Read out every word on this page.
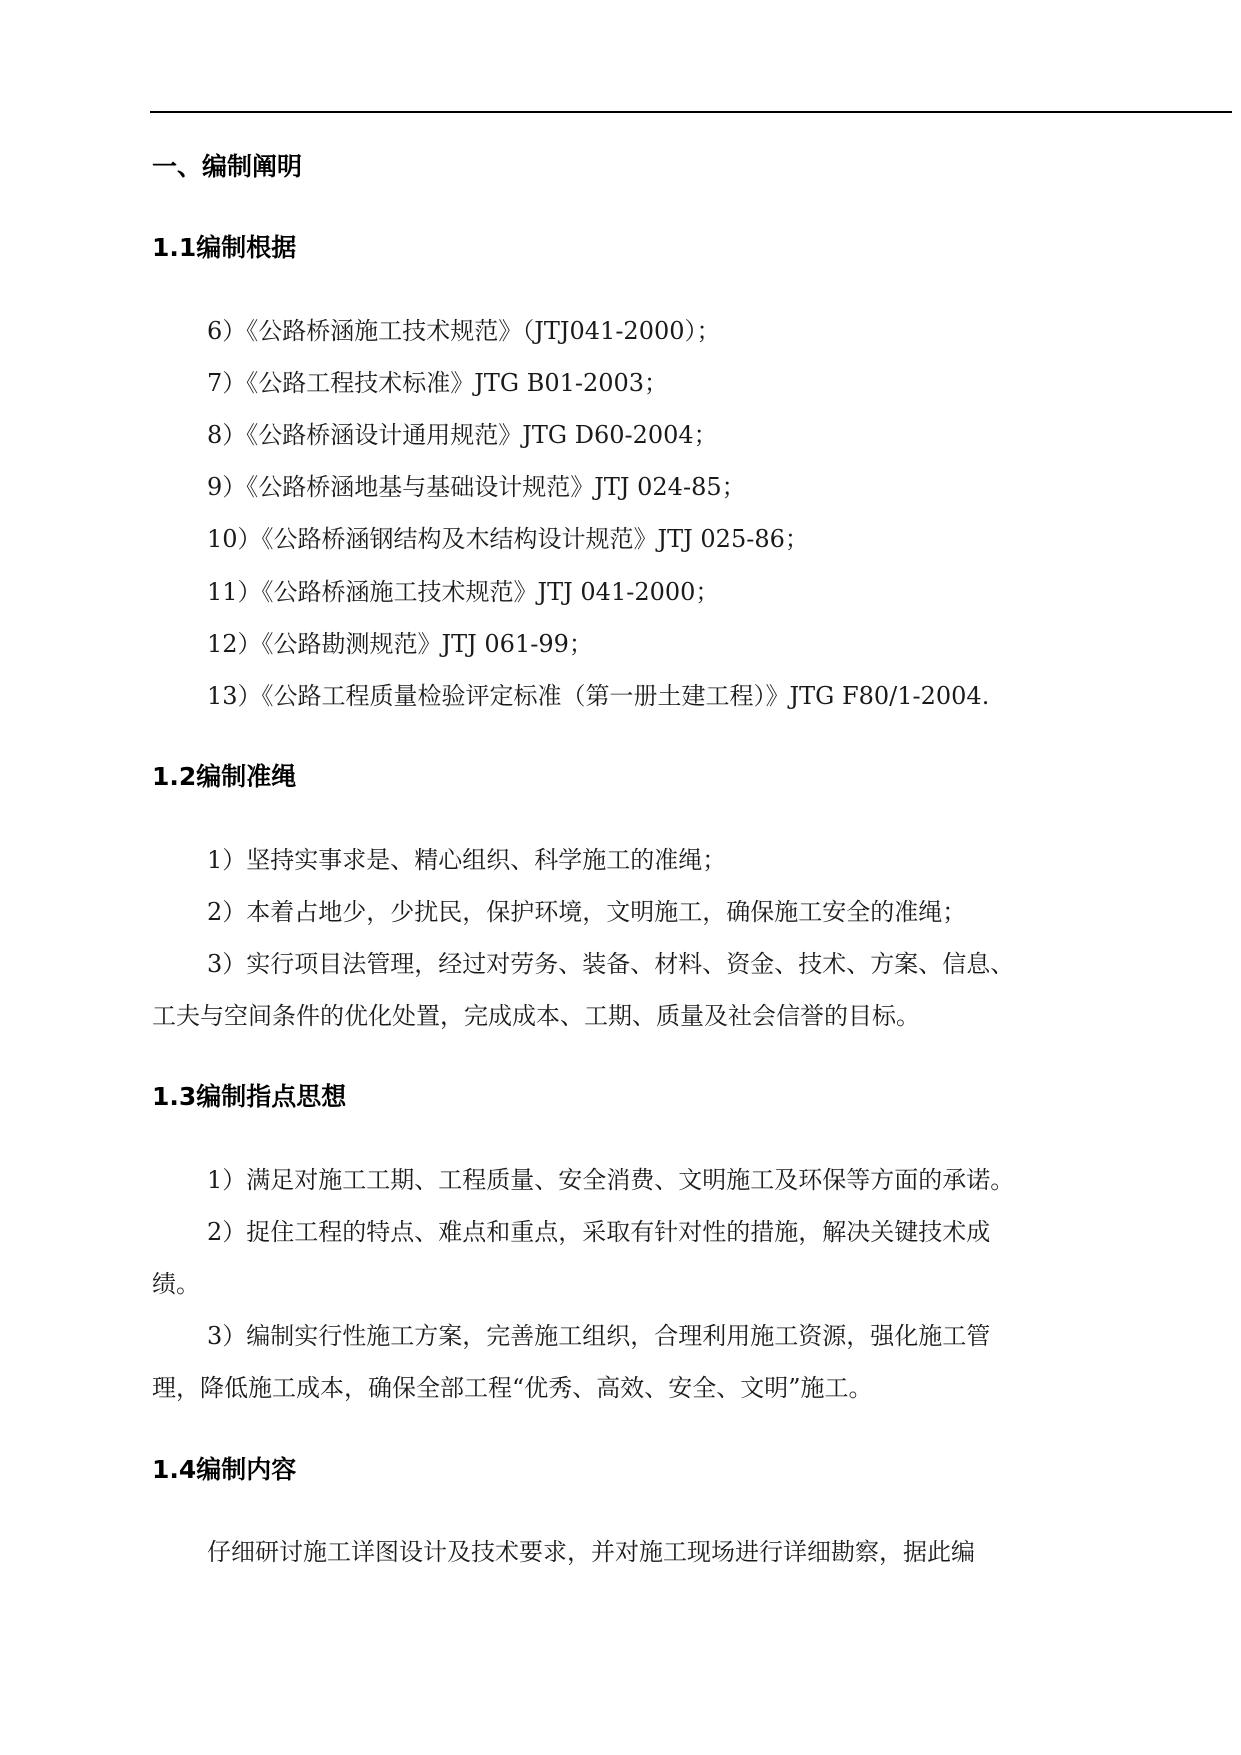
一、编制阐明
1.1编制根据
6）《公路桥涵施工技术规范》（JTJ041-2000）；
7）《公路工程技术标准》JTG B01-2003；
8）《公路桥涵设计通用规范》JTG D60-2004；
9）《公路桥涵地基与基础设计规范》JTJ 024-85；
10）《公路桥涵钢结构及木结构设计规范》JTJ 025-86；
11）《公路桥涵施工技术规范》JTJ 041-2000；
12）《公路勘测规范》JTJ 061-99；
13）《公路工程质量检验评定标准（第一册土建工程）》JTG F80/1-2004.
1.2编制准绳
1）坚持实事求是、精心组织、科学施工的准绳；
2）本着占地少，少扰民，保护环境，文明施工，确保施工安全的准绳；
3）实行项目法管理，经过对劳务、装备、材料、资金、技术、方案、信息、
工夫与空间条件的优化处置，完成成本、工期、质量及社会信誉的目标。
1.3编制指点思想
1）满足对施工工期、工程质量、安全消费、文明施工及环保等方面的承诺。
2）捉住工程的特点、难点和重点，采取有针对性的措施，解决关键技术成
绩。
3）编制实行性施工方案，完善施工组织，合理利用施工资源，强化施工管
理，降低施工成本，确保全部工程“优秀、高效、安全、文明”施工。
1.4编制内容
仔细研讨施工详图设计及技术要求，并对施工现场进行详细勘察，据此编
